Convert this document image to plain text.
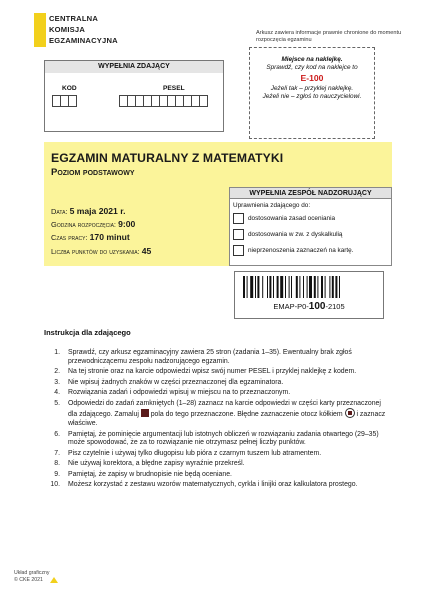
CENTRALNA
KOMISJA
EGZAMINACYJNA
Arkusz zawiera informacje prawnie chronione do momentu rozpoczęcia egzaminu
WYPEŁNIA ZDAJĄCY
KOD	PESEL
Miejsce na naklejkę.
Sprawdź, czy kod na naklejce to
E-100
Jeżeli tak – przyklej naklejkę.
Jeżeli nie – zgłoś to nauczycielowi.
EGZAMIN MATURALNY Z MATEMATYKI
Poziom podstawowy
Data: 5 maja 2021 r.
Godzina rozpoczęcia: 9:00
Czas pracy: 170 minut
Liczba punktów do uzyskania: 45
WYPEŁNIA ZESPÓŁ NADZORUJĄCY
Uprawnienia zdającego do:
dostosowania zasad oceniania
dostosowania w zw. z dyskalkulią
nieprzenoszenia zaznaczeń na kartę.
EMAP-P0-100-2105
Instrukcja dla zdającego
1. Sprawdź, czy arkusz egzaminacyjny zawiera 25 stron (zadania 1–35). Ewentualny brak zgłoś przewodniczącemu zespołu nadzorującego egzamin.
2. Na tej stronie oraz na karcie odpowiedzi wpisz swój numer PESEL i przyklej naklejkę z kodem.
3. Nie wpisuj żadnych znaków w części przeznaczonej dla egzaminatora.
4. Rozwiązania zadań i odpowiedzi wpisuj w miejscu na to przeznaczonym.
5. Odpowiedzi do zadań zamkniętych (1–28) zaznacz na karcie odpowiedzi w części karty przeznaczonej dla zdającego. Zamaluj pola do tego przeznaczone. Błędne zaznaczenie otocz kółkiem i zaznacz właściwe.
6. Pamiętaj, że pominięcie argumentacji lub istotnych obliczeń w rozwiązaniu zadania otwartego (29–35) może spowodować, że za to rozwiązanie nie otrzymasz pełnej liczby punktów.
7. Pisz czytelnie i używaj tylko długopisu lub pióra z czarnym tuszem lub atramentem.
8. Nie używaj korektora, a błędne zapisy wyraźnie przekreśl.
9. Pamiętaj, że zapisy w brudnopisie nie będą oceniane.
10. Możesz korzystać z zestawu wzorów matematycznych, cyrkla i linijki oraz kalkulatora prostego.
Układ graficzny
© CKE 2021
